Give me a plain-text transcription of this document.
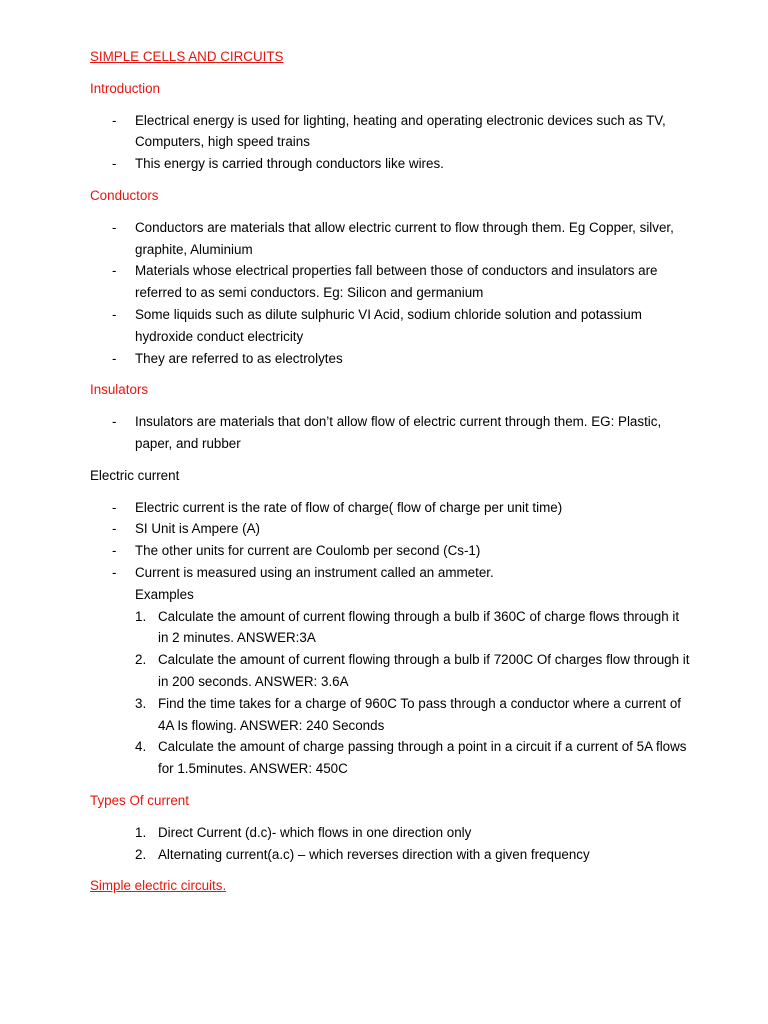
SIMPLE CELLS AND CIRCUITS

Introduction

- Electrical energy is used for lighting, heating and operating electronic devices such as TV, Computers, high speed trains
- This energy is carried through conductors like wires.

Conductors

- Conductors are materials that allow electric current to flow through them. Eg Copper, silver, graphite, Aluminium
- Materials whose electrical properties fall between those of conductors and insulators are referred to as semi conductors. Eg: Silicon and germanium
- Some liquids such as dilute sulphuric VI Acid, sodium chloride solution and potassium hydroxide conduct electricity
- They are referred to as electrolytes

Insulators

- Insulators are materials that don’t allow flow of electric current through them. EG: Plastic, paper, and rubber

Electric current

- Electric current is the rate of flow of charge( flow of charge per unit time)
- SI Unit is Ampere (A)
- The other units for current are Coulomb per second (Cs-1)
- Current is measured using an instrument called an ammeter.
Examples
1. Calculate the amount of current flowing through a bulb if 360C of charge flows through it in 2 minutes. ANSWER:3A
2. Calculate the amount of current flowing through a bulb if 7200C Of charges flow through it in 200 seconds. ANSWER: 3.6A
3. Find the time takes for a charge of 960C To pass through a conductor where a current of 4A Is flowing. ANSWER: 240 Seconds
4. Calculate the amount of charge passing through a point in a circuit if a current of 5A flows for 1.5minutes. ANSWER: 450C

Types Of current

1. Direct Current (d.c)- which flows in one direction only
2. Alternating current(a.c) – which reverses direction with a given frequency

Simple electric circuits.
